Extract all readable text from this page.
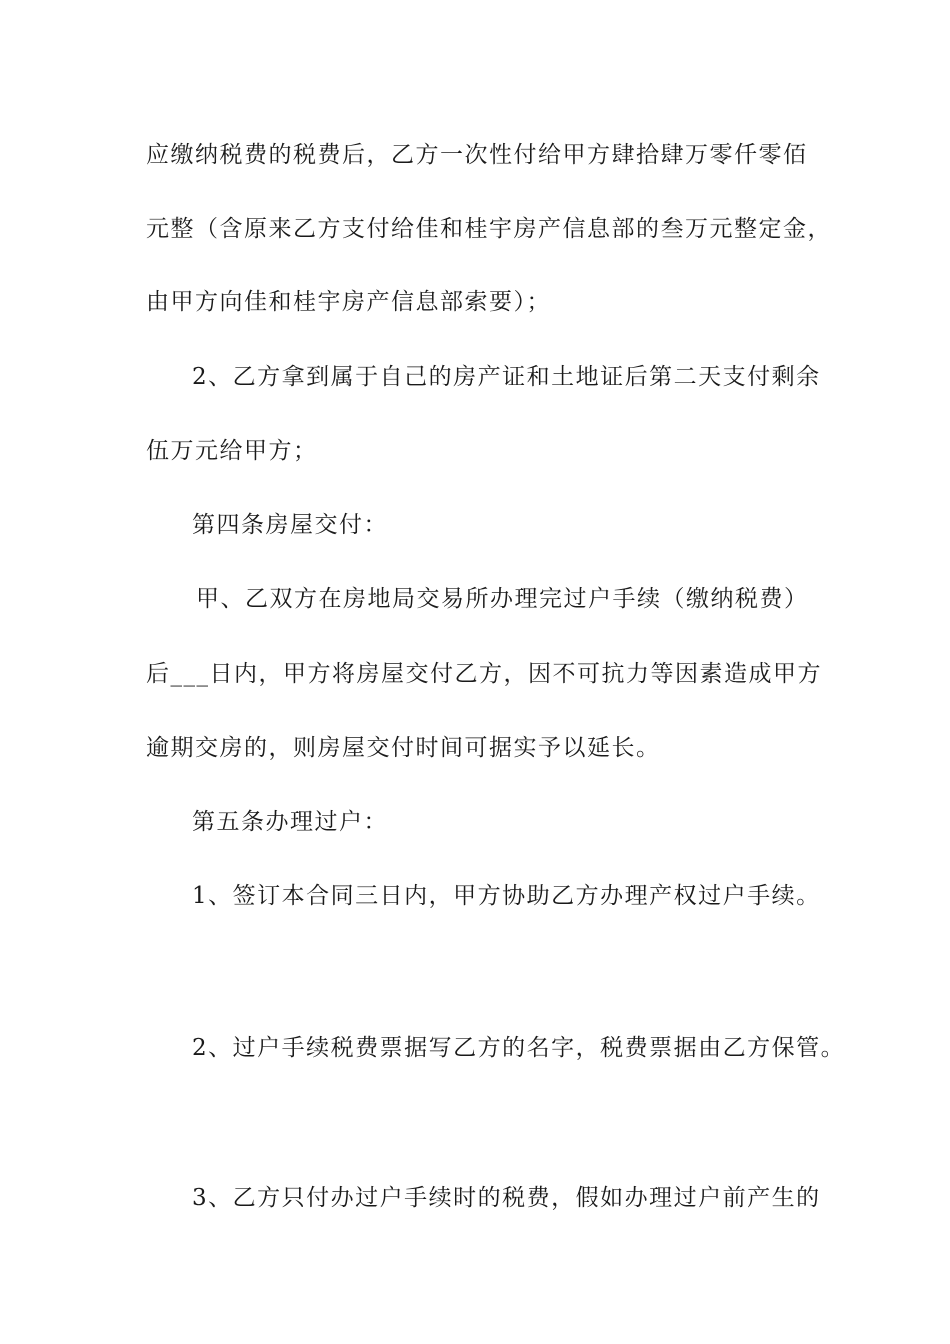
应缴纳税费的税费后，乙方一次性付给甲方肆拾肆万零仟零佰
元整（含原来乙方支付给佳和桂宇房产信息部的叁万元整定金，
由甲方向佳和桂宇房产信息部索要）；
2、乙方拿到属于自己的房产证和土地证后第二天支付剩余
伍万元给甲方；
第四条房屋交付：
甲、乙双方在房地局交易所办理完过户手续（缴纳税费）
后___日内，甲方将房屋交付乙方，因不可抗力等因素造成甲方
逾期交房的，则房屋交付时间可据实予以延长。
第五条办理过户：
1、签订本合同三日内，甲方协助乙方办理产权过户手续。
2、过户手续税费票据写乙方的名字，税费票据由乙方保管。
3、乙方只付办过户手续时的税费，假如办理过户前产生的
